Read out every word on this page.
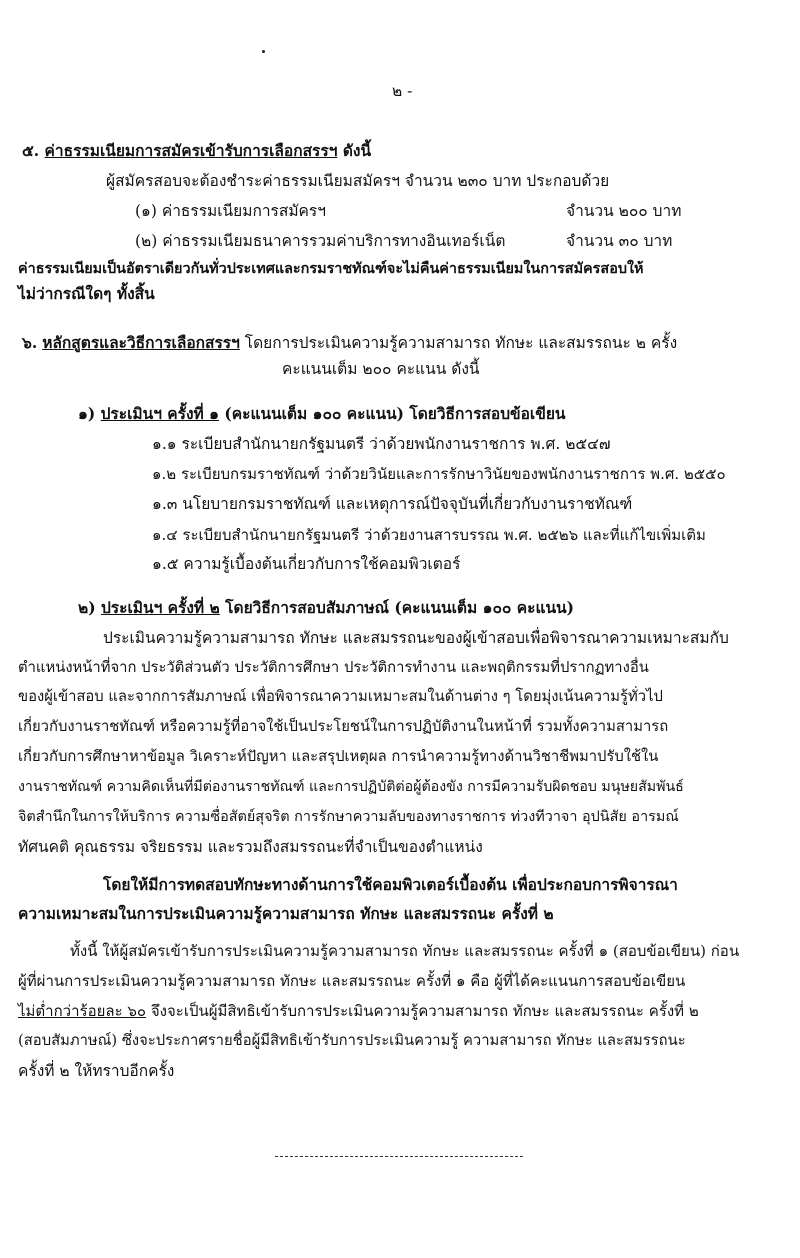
๒ -
๕. ค่าธรรมเนียมการสมัครเข้ารับการเลือกสรรฯ ดังนี้
ผู้สมัครสอบจะต้องชำระค่าธรรมเนียมสมัครฯ จำนวน ๒๓๐ บาท ประกอบด้วย
(๑) ค่าธรรมเนียมการสมัครฯ	จำนวน ๒๐๐ บาท
(๒) ค่าธรรมเนียมธนาคารรวมค่าบริการทางอินเทอร์เน็ต	จำนวน ๓๐ บาท
ค่าธรรมเนียมเป็นอัตราเดียวกันทั่วประเทศและกรมราชทัณฑ์จะไม่คืนค่าธรรมเนียมในการสมัครสอบให้
ไม่ว่ากรณีใดๆ ทั้งสิ้น
๖. หลักสูตรและวิธีการเลือกสรรฯ โดยการประเมินความรู้ความสามารถ ทักษะ และสมรรถนะ ๒ ครั้ง
คะแนนเต็ม ๒๐๐ คะแนน ดังนี้
๑) ประเมินฯ ครั้งที่ ๑ (คะแนนเต็ม ๑๐๐ คะแนน) โดยวิธีการสอบข้อเขียน
๑.๑ ระเบียบสำนักนายกรัฐมนตรี ว่าด้วยพนักงานราชการ พ.ศ. ๒๕๔๗
๑.๒ ระเบียบกรมราชทัณฑ์ ว่าด้วยวินัยและการรักษาวินัยของพนักงานราชการ พ.ศ. ๒๕๕๐
๑.๓ นโยบายกรมราชทัณฑ์ และเหตุการณ์ปัจจุบันที่เกี่ยวกับงานราชทัณฑ์
๑.๔ ระเบียบสำนักนายกรัฐมนตรี ว่าด้วยงานสารบรรณ พ.ศ. ๒๕๒๖ และที่แก้ไขเพิ่มเติม
๑.๕ ความรู้เบื้องต้นเกี่ยวกับการใช้คอมพิวเตอร์
๒) ประเมินฯ ครั้งที่ ๒ โดยวิธีการสอบสัมภาษณ์ (คะแนนเต็ม ๑๐๐ คะแนน)
ประเมินความรู้ความสามารถ ทักษะ และสมรรถนะของผู้เข้าสอบเพื่อพิจารณาความเหมาะสมกับ
ตำแหน่งหน้าที่จาก ประวัติส่วนตัว ประวัติการศึกษา ประวัติการทำงาน และพฤติกรรมที่ปรากฏทางอื่น
ของผู้เข้าสอบ และจากการสัมภาษณ์ เพื่อพิจารณาความเหมาะสมในด้านต่าง ๆ โดยมุ่งเน้นความรู้ทั่วไป
เกี่ยวกับงานราชทัณฑ์ หรือความรู้ที่อาจใช้เป็นประโยชน์ในการปฏิบัติงานในหน้าที่ รวมทั้งความสามารถ
เกี่ยวกับการศึกษาหาข้อมูล วิเคราะห์ปัญหา และสรุปเหตุผล การนำความรู้ทางด้านวิชาชีพมาปรับใช้ใน
งานราชทัณฑ์ ความคิดเห็นที่มีต่องานราชทัณฑ์ และการปฏิบัติต่อผู้ต้องขัง การมีความรับผิดชอบ มนุษยสัมพันธ์
จิตสำนึกในการให้บริการ ความซื่อสัตย์สุจริต การรักษาความลับของทางราชการ ท่วงทีวาจา อุปนิสัย อารมณ์
ทัศนคติ คุณธรรม จริยธรรม และรวมถึงสมรรถนะที่จำเป็นของตำแหน่ง
โดยให้มีการทดสอบทักษะทางด้านการใช้คอมพิวเตอร์เบื้องต้น เพื่อประกอบการพิจารณา
ความเหมาะสมในการประเมินความรู้ความสามารถ ทักษะ และสมรรถนะ ครั้งที่ ๒
ทั้งนี้ ให้ผู้สมัครเข้ารับการประเมินความรู้ความสามารถ ทักษะ และสมรรถนะ ครั้งที่ ๑ (สอบข้อเขียน) ก่อน
ผู้ที่ผ่านการประเมินความรู้ความสามารถ ทักษะ และสมรรถนะ ครั้งที่ ๑ คือ ผู้ที่ได้คะแนนการสอบข้อเขียน
ไม่ต่ำกว่าร้อยละ ๖๐ จึงจะเป็นผู้มีสิทธิเข้ารับการประเมินความรู้ความสามารถ ทักษะ และสมรรถนะ ครั้งที่ ๒
(สอบสัมภาษณ์) ซึ่งจะประกาศรายชื่อผู้มีสิทธิเข้ารับการประเมินความรู้ ความสามารถ ทักษะ และสมรรถนะ
ครั้งที่ ๒ ให้ทราบอีกครั้ง
